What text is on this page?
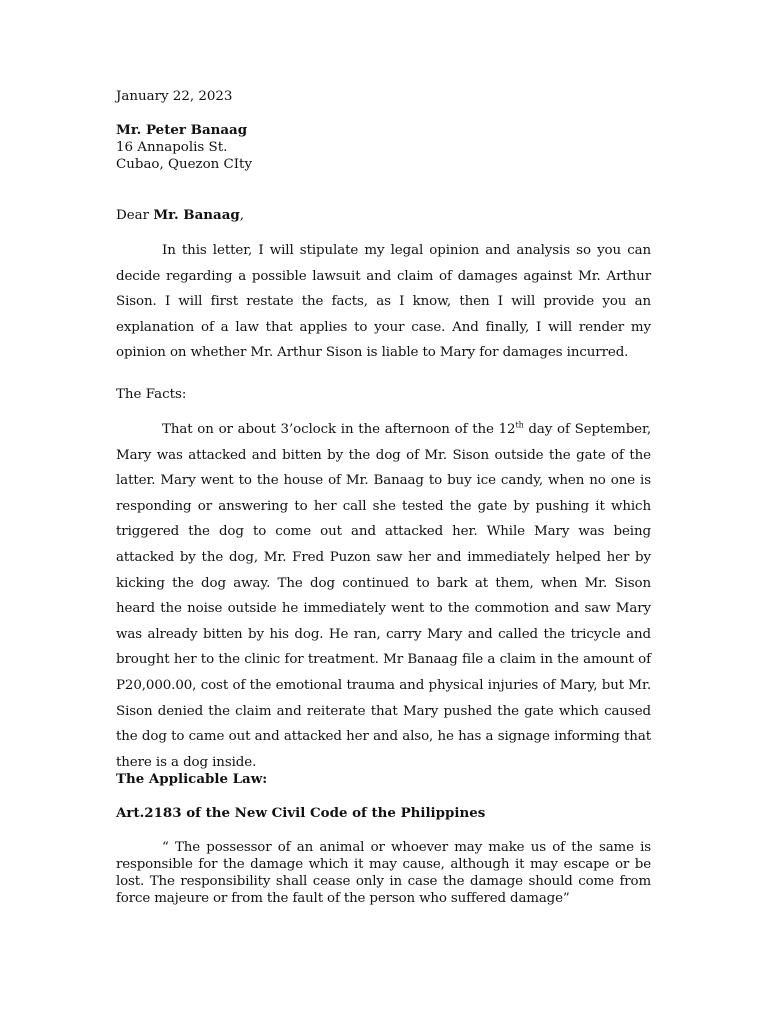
January 22, 2023

Mr. Peter Banaag

16 Annapolis St.

Cubao, Quezon CIty

Dear Mr. Banaag,

In this letter, I will stipulate my legal opinion and analysis so you can decide regarding a possible lawsuit and claim of damages against Mr. Arthur Sison. I will first restate the facts, as I know, then I will provide you an explanation of a law that applies to your case. And finally, I will render my opinion on whether Mr. Arthur Sison is liable to Mary for damages incurred.

The Facts:

That on or about 3’oclock in the afternoon of the 12th day of September, Mary was attacked and bitten by the dog of Mr. Sison outside the gate of the latter. Mary went to the house of Mr. Banaag to buy ice candy, when no one is responding or answering to her call she tested the gate by pushing it which triggered the dog to come out and attacked her. While Mary was being attacked by the dog, Mr. Fred Puzon saw her and immediately helped her by kicking the dog away. The dog continued to bark at them, when Mr. Sison heard the noise outside he immediately went to the commotion and saw Mary was already bitten by his dog. He ran, carry Mary and called the tricycle and brought her to the clinic for treatment. Mr Banaag file a claim in the amount of P20,000.00, cost of the emotional trauma and physical injuries of Mary, but Mr. Sison denied the claim and reiterate that Mary pushed the gate which caused the dog to came out and attacked her and also, he has a signage informing that there is a dog inside.

The Applicable Law:

Art.2183 of the New Civil Code of the Philippines

“ The possessor of an animal or whoever may make us of the same is responsible for the damage which it may cause, although it may escape or be lost. The responsibility shall cease only in case the damage should come from force majeure or from the fault of the person who suffered damage”
